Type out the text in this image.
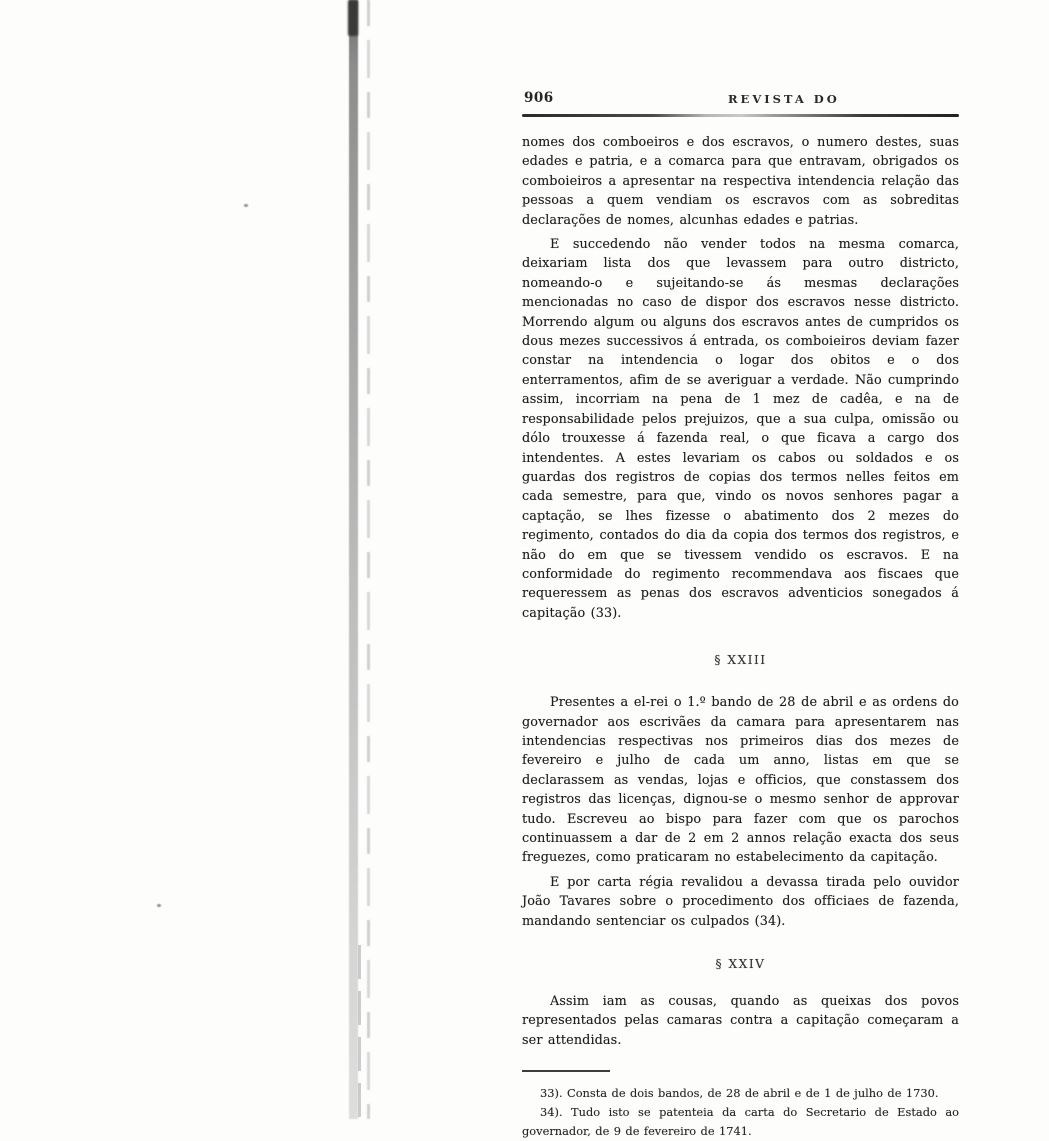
906	REVISTA DO

nomes dos comboeiros e dos escravos, o numero destes, suas edades e patria, e a comarca para que entravam, obrigados os comboieiros a apresentar na respectiva intendencia relação das pessoas a quem vendiam os escravos com as sobreditas declarações de nomes, alcunhas edades e patrias.

E succedendo não vender todos na mesma comarca, deixariam lista dos que levassem para outro districto, nomeando-o e sujeitando-se ás mesmas declarações mencionadas no caso de dispor dos escravos nesse districto. Morrendo algum ou alguns dos escravos antes de cumpridos os dous mezes successivos á entrada, os comboieiros deviam fazer constar na intendencia o logar dos obitos e o dos enterramentos, afim de se averiguar a verdade. Não cumprindo assim, incorriam na pena de 1 mez de cadêa, e na de responsabilidade pelos prejuizos, que a sua culpa, omissão ou dólo trouxesse á fazenda real, o que ficava a cargo dos intendentes. A estes levariam os cabos ou soldados e os guardas dos registros de copias dos termos nelles feitos em cada semestre, para que, vindo os novos senhores pagar a captação, se lhes fizesse o abatimento dos 2 mezes do regimento, contados do dia da copia dos termos dos registros, e não do em que se tivessem vendido os escravos. E na conformidade do regimento recommendava aos fiscaes que requeressem as penas dos escravos adventicios sonegados á capitação (33).

§ XXIII

Presentes a el-rei o 1.º bando de 28 de abril e as ordens do governador aos escrivães da camara para apresentarem nas intendencias respectivas nos primeiros dias dos mezes de fevereiro e julho de cada um anno, listas em que se declarassem as vendas, lojas e officios, que constassem dos registros das licenças, dignou-se o mesmo senhor de approvar tudo. Escreveu ao bispo para fazer com que os parochos continuassem a dar de 2 em 2 annos relação exacta dos seus freguezes, como praticaram no estabelecimento da capitação.

E por carta régia revalidou a devassa tirada pelo ouvidor João Tavares sobre o procedimento dos officiaes de fazenda, mandando sentenciar os culpados (34).

§ XXIV

Assim iam as cousas, quando as queixas dos povos representados pelas camaras contra a capitação começaram a ser attendidas.

33). Consta de dois bandos, de 28 de abril e de 1 de julho de 1730.

34). Tudo isto se patenteia da carta do Secretario de Estado ao governador, de 9 de fevereiro de 1741.
